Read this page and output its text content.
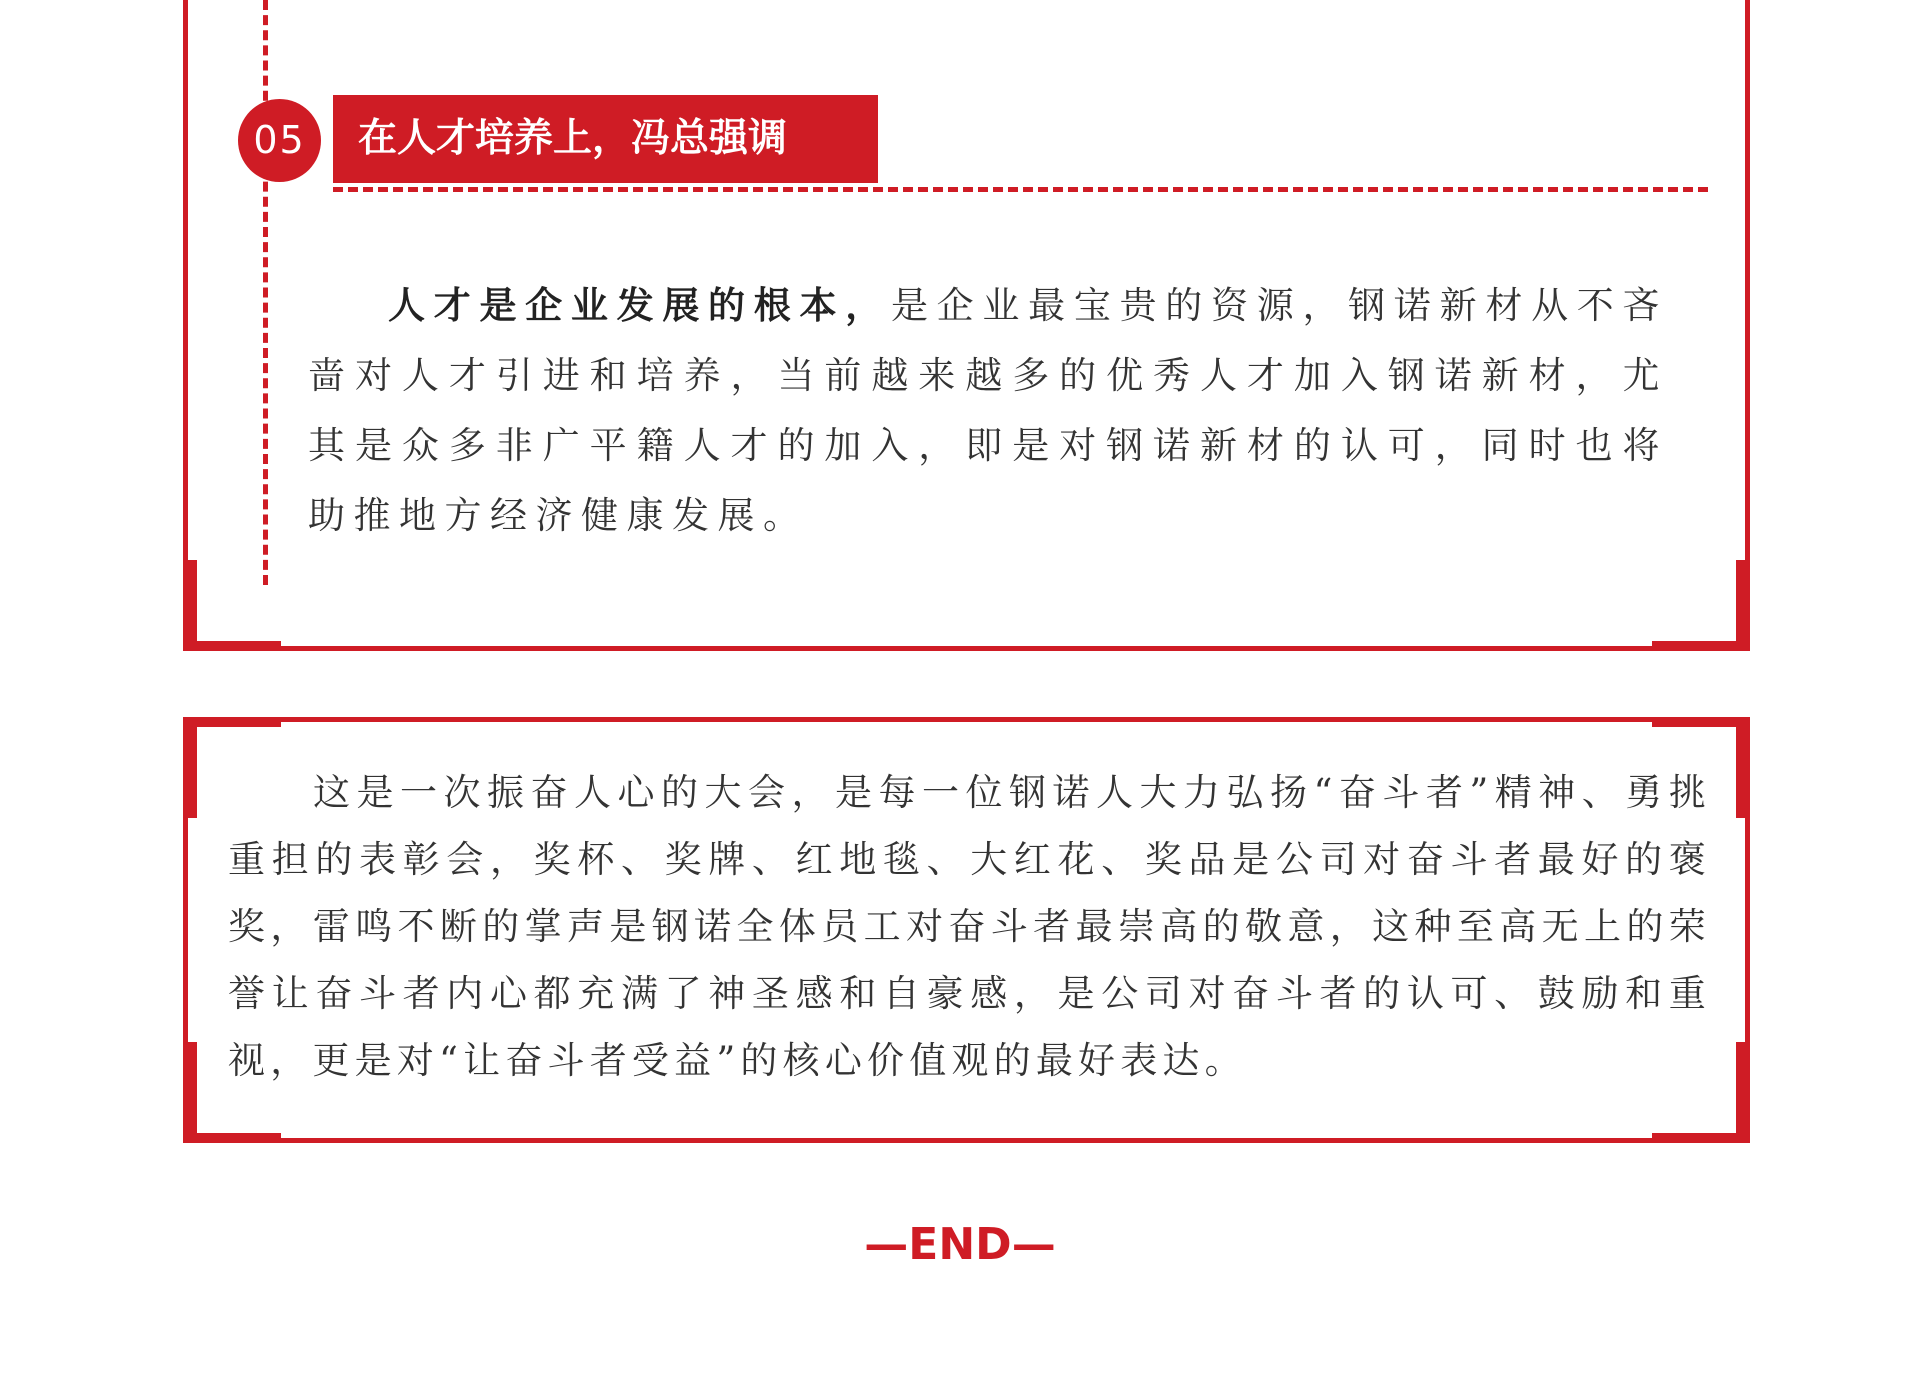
05	在人才培养上，冯总强调

人才是企业发展的根本，是企业最宝贵的资源，钢诺新材从不吝啬对人才引进和培养，当前越来越多的优秀人才加入钢诺新材，尤其是众多非广平籍人才的加入，即是对钢诺新材的认可，同时也将助推地方经济健康发展。

这是一次振奋人心的大会，是每一位钢诺人大力弘扬“奋斗者”精神、勇挑重担的表彰会，奖杯、奖牌、红地毯、大红花、奖品是公司对奋斗者最好的褒奖，雷鸣不断的掌声是钢诺全体员工对奋斗者最崇高的敬意，这种至高无上的荣誉让奋斗者内心都充满了神圣感和自豪感，是公司对奋斗者的认可、鼓励和重视，更是对“让奋斗者受益”的核心价值观的最好表达。

—END—
